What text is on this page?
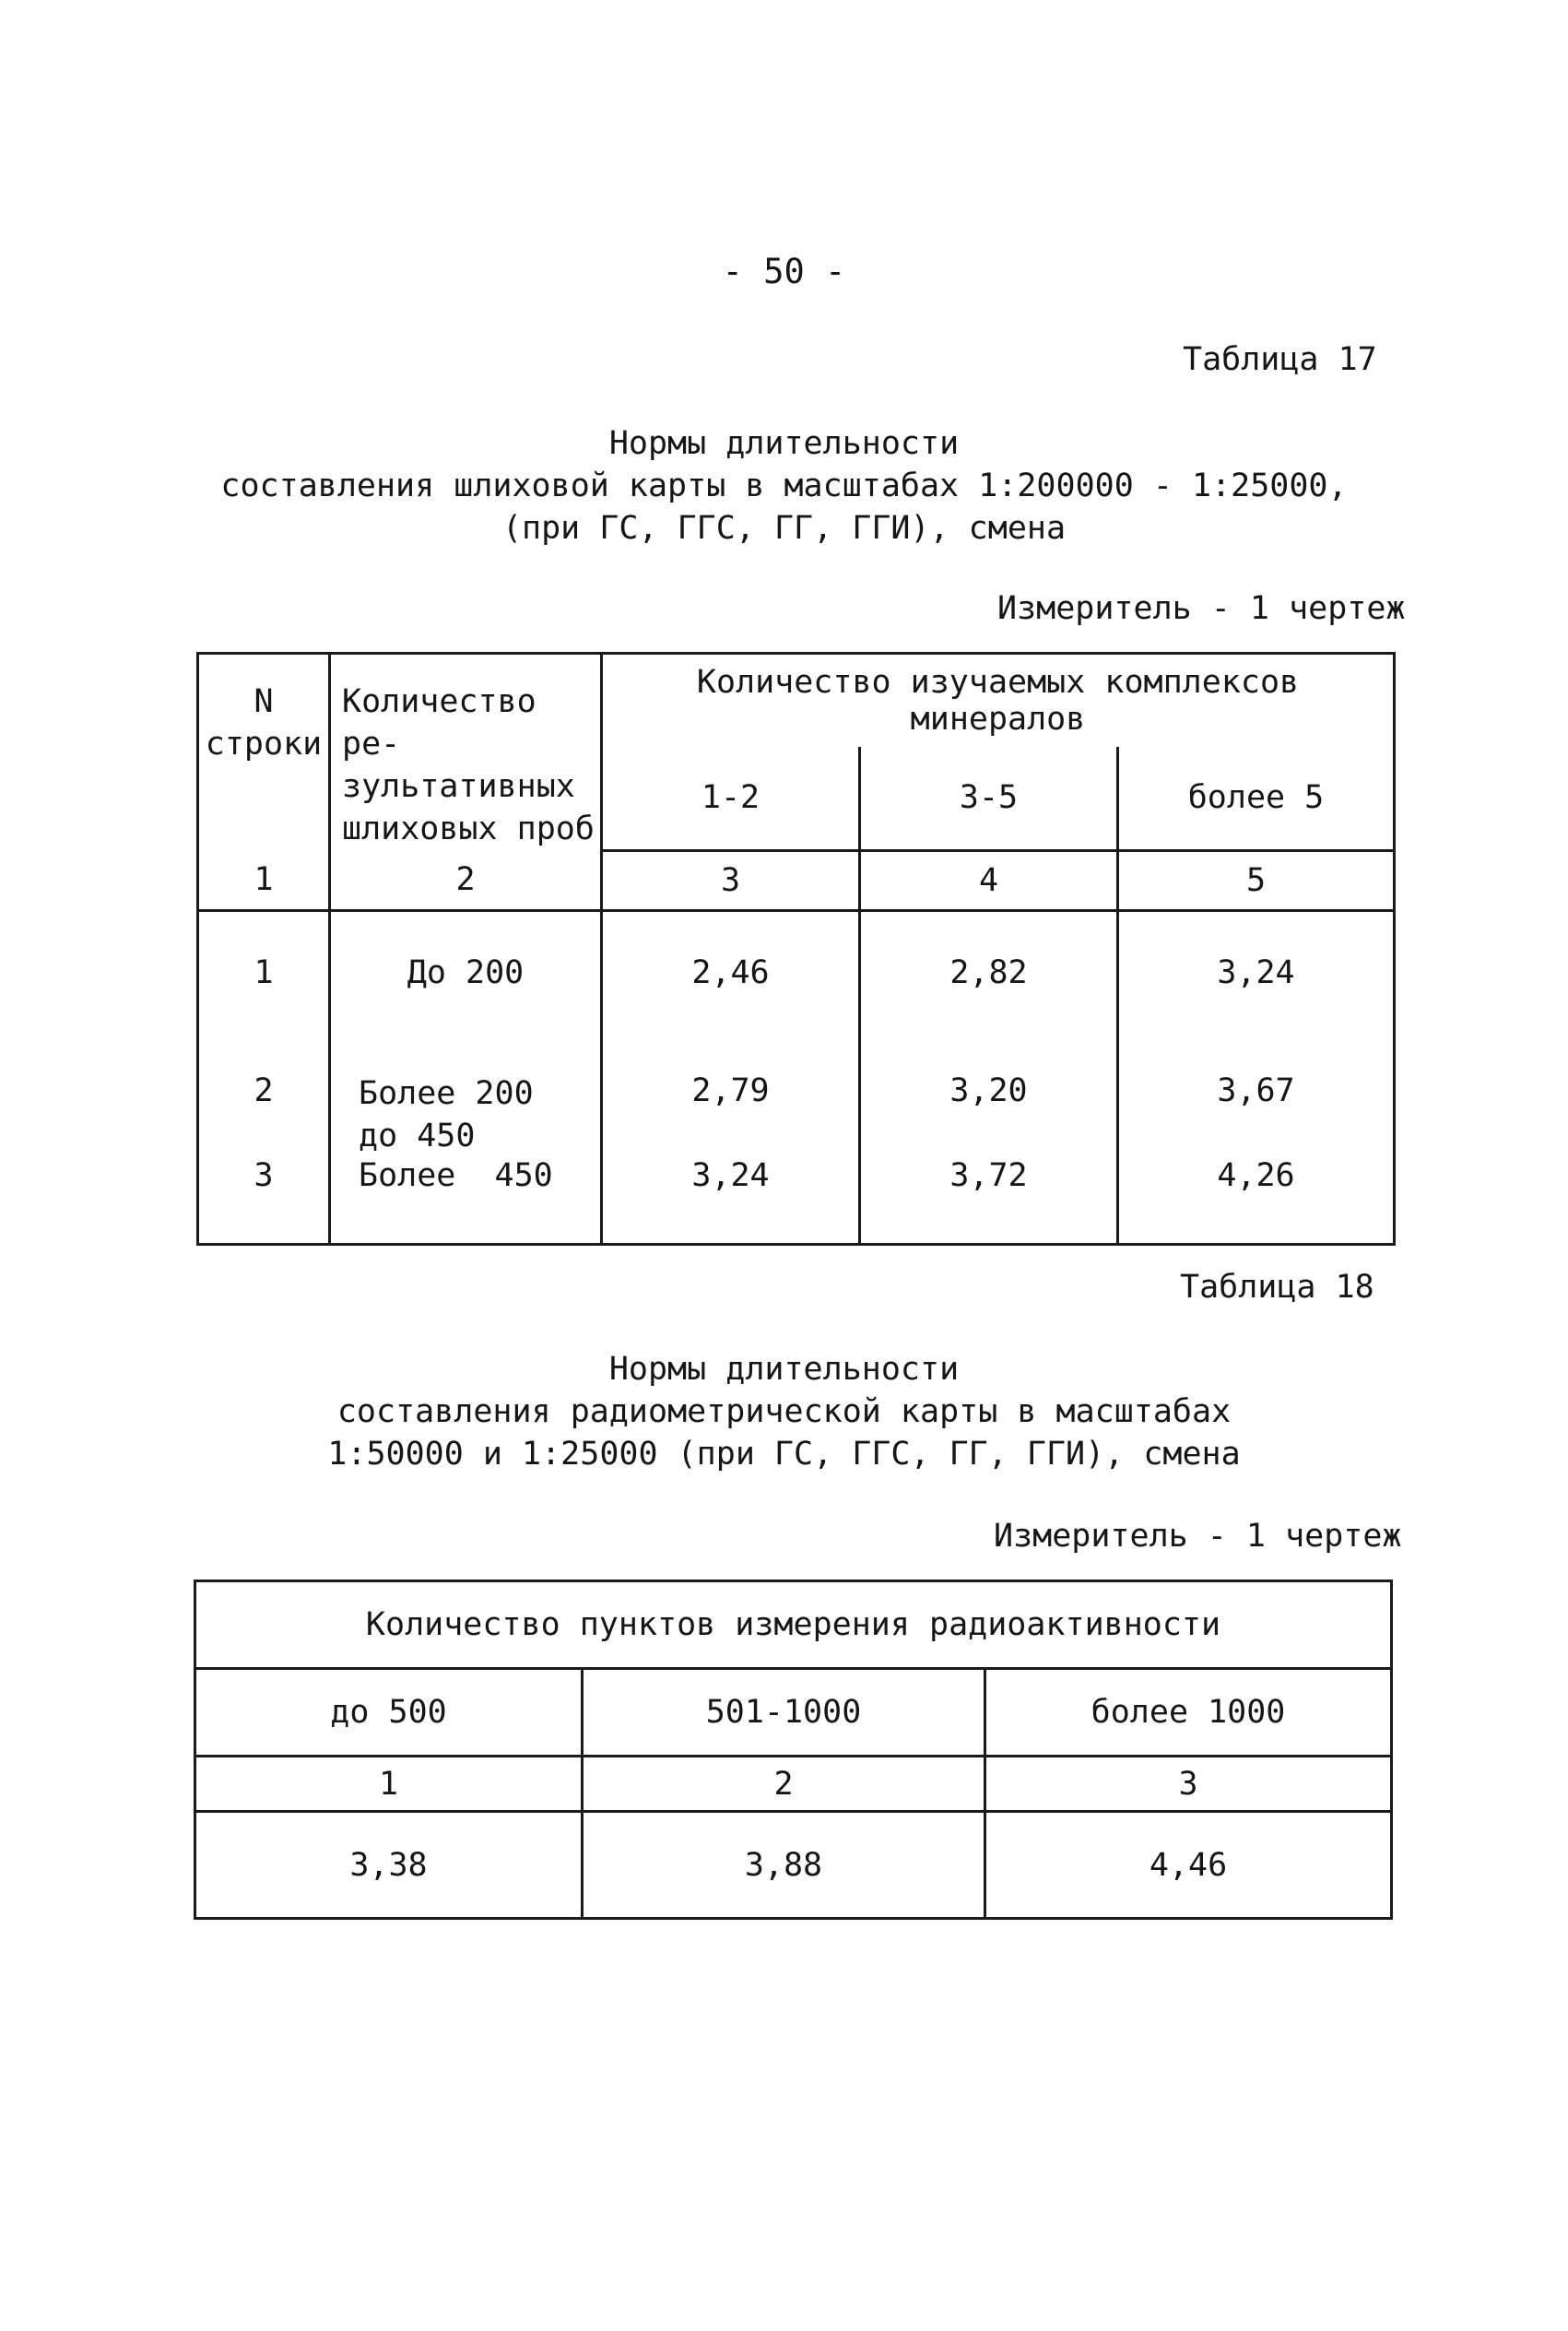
- 50 -
Таблица 17
Нормы длительности
составления шлиховой карты в масштабах 1:200000 - 1:25000,
(при ГС, ГГС, ГГ, ГГИ), смена
Измеритель - 1 чертеж
N строки	Количество ре- зультативных шлиховых проб	Количество изучаемых комплексов минералов		
		1-2	3-5	более 5
1	2	3	4	5
1	До 200	2,46	2,82	3,24
2	Более 200 до 450	2,79	3,20	3,67
3	Более  450	3,24	3,72	4,26
Таблица 18
Нормы длительности
составления радиометрической карты в масштабах
1:50000 и 1:25000 (при ГС, ГГС, ГГ, ГГИ), смена
Измеритель - 1 чертеж
Количество пунктов измерения радиоактивности		
до 500	501-1000	более 1000
1	2	3
3,38	3,88	4,46
